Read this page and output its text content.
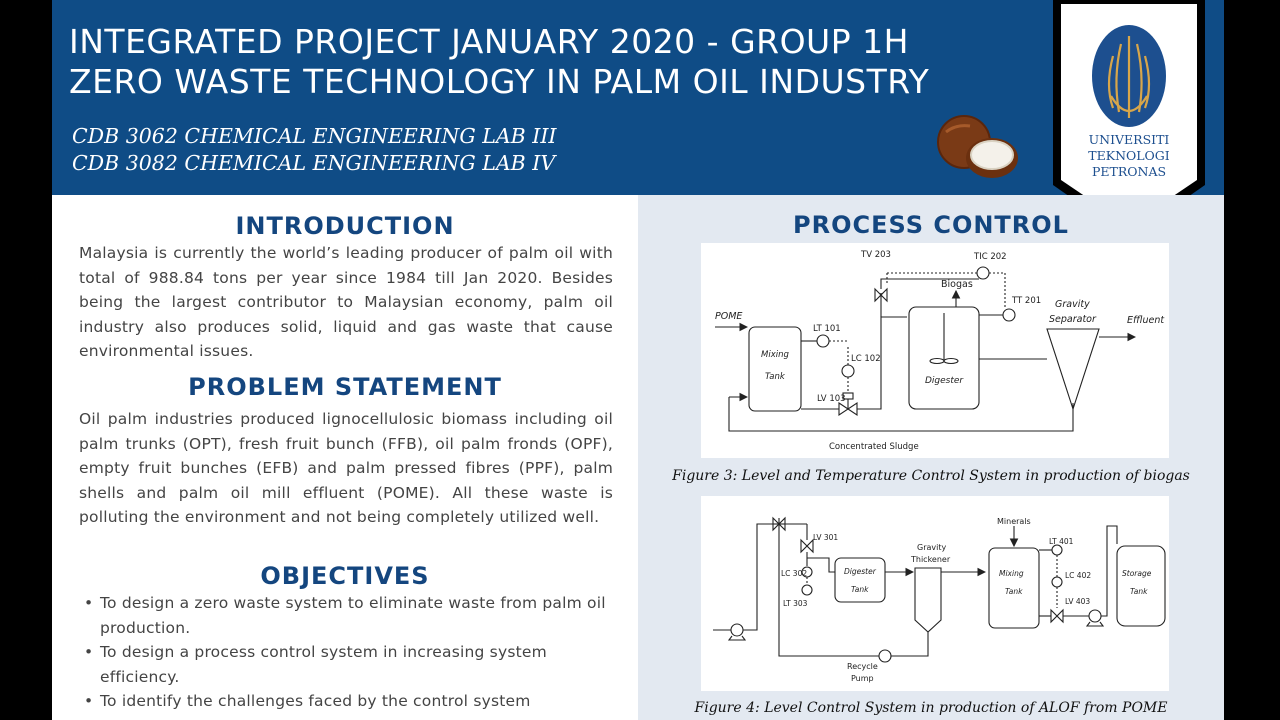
INTEGRATED PROJECT JANUARY 2020 - GROUP 1H
ZERO WASTE TECHNOLOGY IN PALM OIL INDUSTRY

CDB 3062 CHEMICAL ENGINEERING LAB III
CDB 3082 CHEMICAL ENGINEERING LAB IV

UNIVERSITI
TEKNOLOGI
PETRONAS
INTRODUCTION

Malaysia is currently the world’s leading producer of palm oil with total of 988.84 tons per year since 1984 till Jan 2020. Besides being the largest contributor to Malaysian economy, palm oil industry also produces solid, liquid and gas waste that cause environmental issues.

PROBLEM STATEMENT

Oil palm industries produced lignocellulosic biomass including oil palm trunks (OPT), fresh fruit bunch (FFB), oil palm fronds (OPF), empty fruit bunches (EFB) and palm pressed fibres (PPF), palm shells and palm oil mill effluent (POME). All these waste is polluting the environment and not being completely utilized well.

OBJECTIVES
• To design a zero waste system to eliminate waste from palm oil production.
• To design a process control system in increasing system efficiency.
• To identify the challenges faced by the control system
PROCESS CONTROL
TV 203	TIC 202
Biogas
TT 201 Gravity
Separator	Effluent
POME
Mixing
Tank
LT 101
LC 102
LV 103
Digester
Concentrated Sludge

Figure 3: Level and Temperature Control System in production of biogas

LV 301
LC 302
LT 303
Digester
Tank
Gravity
Thickener
Minerals
Mixing
Tank
LT 401
LC 402
LV 403
Storage
Tank
Recycle
Pump

Figure 4: Level Control System in production of ALOF from POME
